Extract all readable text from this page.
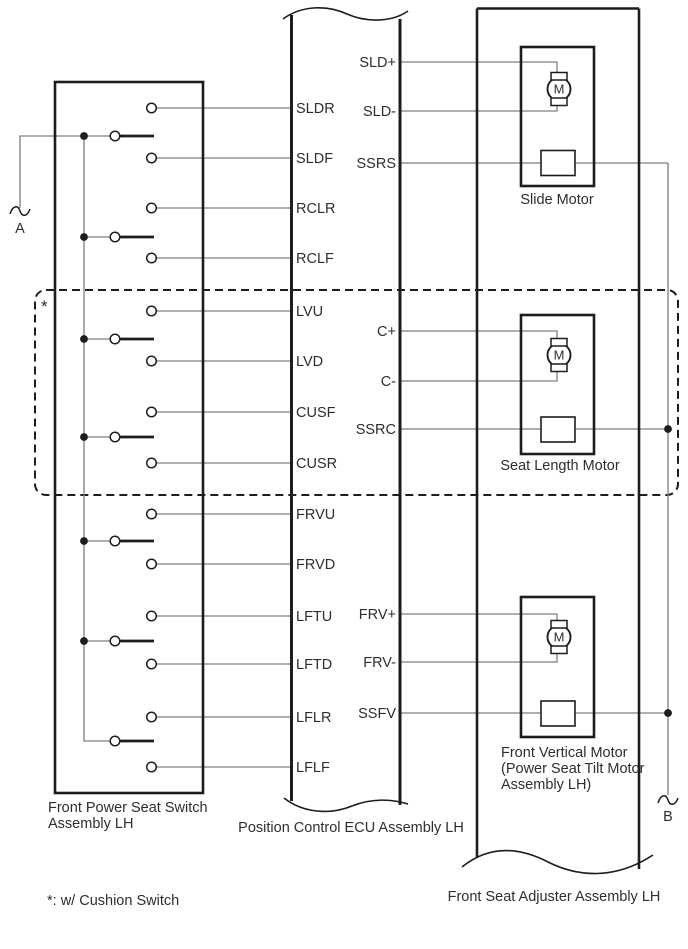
*
A
B
Front Power Seat Switch
Assembly LH	Position Control ECU Assembly LH
SLDR
SLDF
RCLR
RCLF
LVU
LVD
CUSF
CUSR
FRVU
FRVD
LFTU
LFTD
LFLR
LFLF
SLD+
SLD-
SSRS
C+
C-
SSRC
FRV+
FRV-
SSFV
Front Seat Adjuster Assembly LH
M
Slide Motor
M
Seat Length Motor
M
Front Vertical Motor
(Power Seat Tilt Motor
Assembly LH)
*: w/ Cushion Switch
